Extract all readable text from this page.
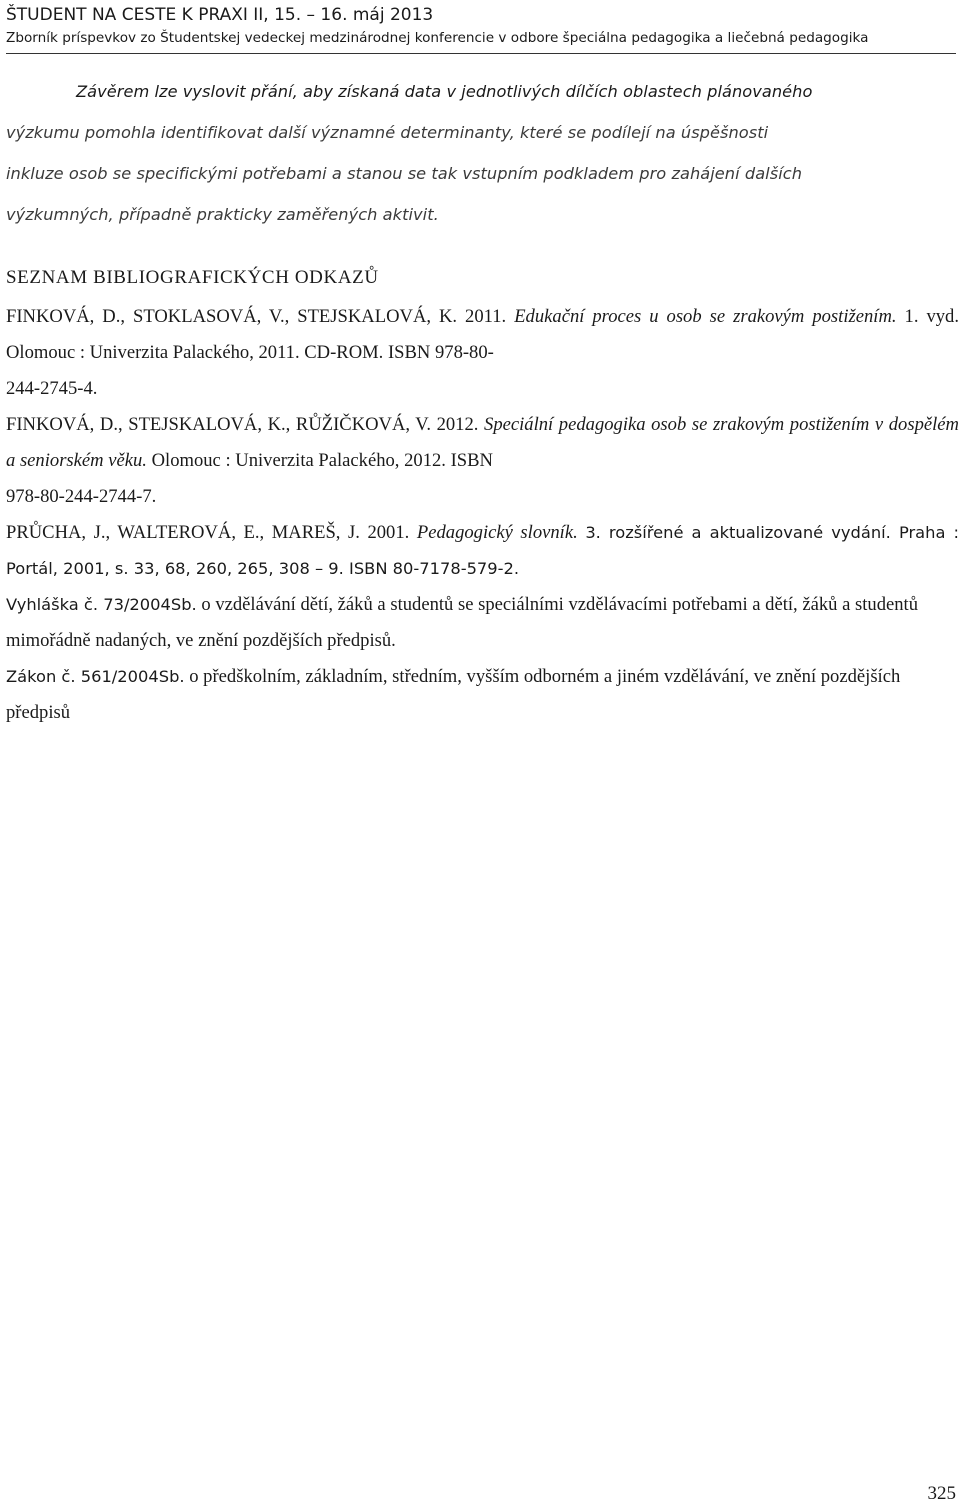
ŠTUDENT NA CESTE K PRAXI II, 15. – 16. máj 2013
Zborník príspevkov zo Študentskej vedeckej medzinárodnej konferencie v odbore špeciálna pedagogika a liečebná pedagogika

Závěrem lze vyslovit přání, aby získaná data v jednotlivých dílčích oblastech plánovaného

výzkumu pomohla identifikovat další významné determinanty, které se podílejí na úspěšnosti

inkluze osob se specifickými potřebami a stanou se tak vstupním podkladem pro zahájení dalších

výzkumných, případně prakticky zaměřených aktivit.

SEZNAM BIBLIOGRAFICKÝCH ODKAZŮ

FINKOVÁ, D., STOKLASOVÁ, V., STEJSKALOVÁ, K. 2011. Edukační proces u osob se zrakovým postižením. 1. vyd. Olomouc : Univerzita Palackého, 2011. CD-ROM. ISBN 978-80-
244-2745-4.

FINKOVÁ, D., STEJSKALOVÁ, K., RŮŽIČKOVÁ, V. 2012. Speciální pedagogika osob se zrakovým postižením v dospělém a seniorském věku. Olomouc : Univerzita Palackého, 2012. ISBN
978-80-244-2744-7.

PRŮCHA, J., WALTEROVÁ, E., MAREŠ, J. 2001. Pedagogický slovník. 3. rozšířené a aktualizované vydání. Praha : Portál, 2001, s. 33, 68, 260, 265, 308 – 9. ISBN 80-7178-579-2.

Vyhláška č. 73/2004Sb. o vzdělávání dětí, žáků a studentů se speciálními vzdělávacími potřebami a dětí, žáků a studentů mimořádně nadaných, ve znění pozdějších předpisů.

Zákon č. 561/2004Sb. o předškolním, základním, středním, vyšším odborném a jiném vzdělávání, ve znění pozdějších předpisů

325
